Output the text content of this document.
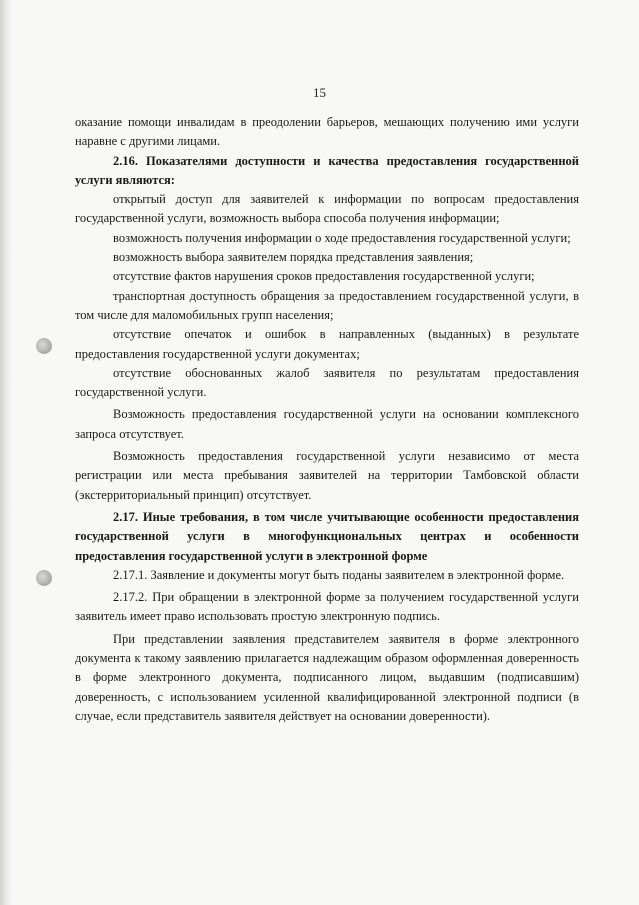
15

оказание помощи инвалидам в преодолении барьеров, мешающих получению ими услуги наравне с другими лицами.

2.16. Показателями доступности и качества предоставления государственной услуги являются:

открытый доступ для заявителей к информации по вопросам предоставления государственной услуги, возможность выбора способа получения информации;

возможность получения информации о ходе предоставления государственной услуги;

возможность выбора заявителем порядка представления заявления;

отсутствие фактов нарушения сроков предоставления государственной услуги;

транспортная доступность обращения за предоставлением государственной услуги, в том числе для маломобильных групп населения;

отсутствие опечаток и ошибок в направленных (выданных) в результате предоставления государственной услуги документах;

отсутствие обоснованных жалоб заявителя по результатам предоставления государственной услуги.

Возможность предоставления государственной услуги на основании комплексного запроса отсутствует.

Возможность предоставления государственной услуги независимо от места регистрации или места пребывания заявителей на территории Тамбовской области (экстерриториальный принцип) отсутствует.

2.17. Иные требования, в том числе учитывающие особенности предоставления государственной услуги в многофункциональных центрах и особенности предоставления государственной услуги в электронной форме

2.17.1. Заявление и документы могут быть поданы заявителем в электронной форме.

2.17.2. При обращении в электронной форме за получением государственной услуги заявитель имеет право использовать простую электронную подпись.

При представлении заявления представителем заявителя в форме электронного документа к такому заявлению прилагается надлежащим образом оформленная доверенность в форме электронного документа, подписанного лицом, выдавшим (подписавшим) доверенность, с использованием усиленной квалифицированной электронной подписи (в случае, если представитель заявителя действует на основании доверенности).
